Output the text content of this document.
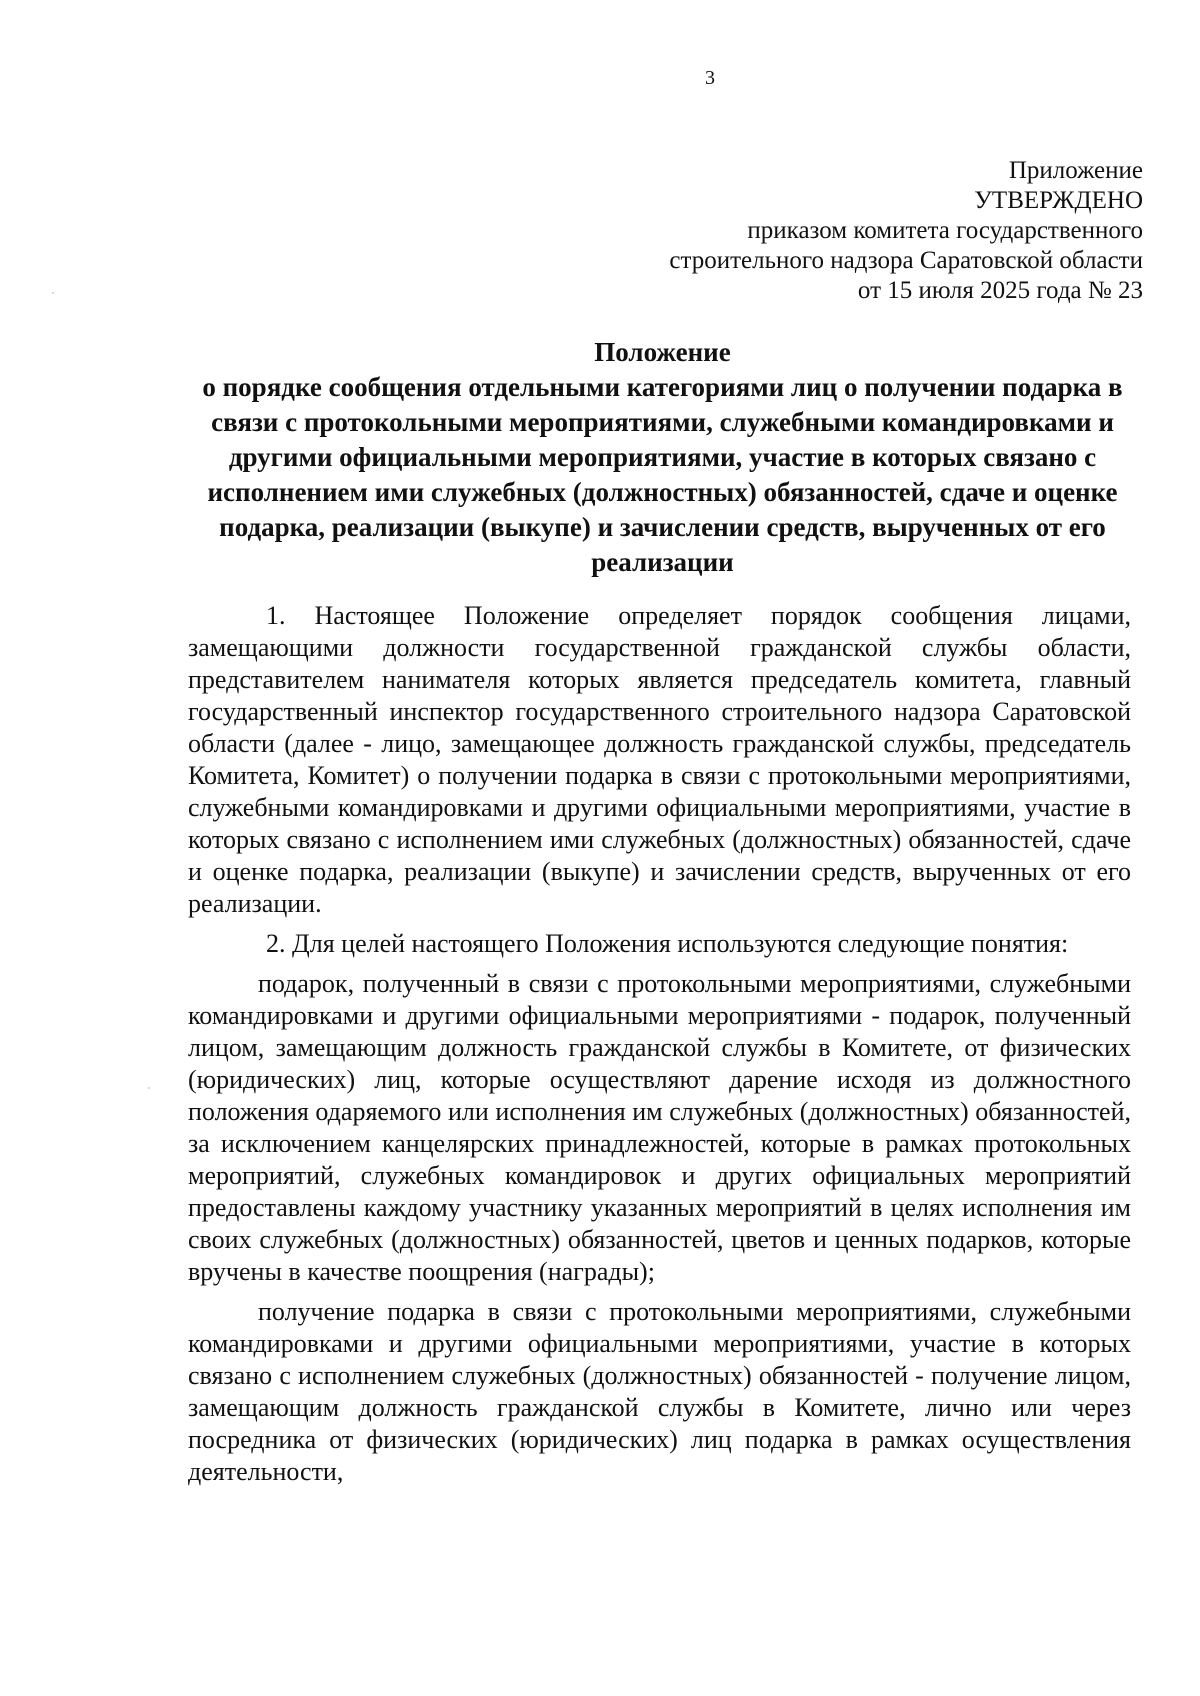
3
Приложение
УТВЕРЖДЕНО
приказом комитета государственного
строительного надзора Саратовской области
от 15 июля 2025 года № 23
Положение
о порядке сообщения отдельными категориями лиц о получении подарка в связи с протокольными мероприятиями, служебными командировками и другими официальными мероприятиями, участие в которых связано с исполнением ими служебных (должностных) обязанностей, сдаче и оценке подарка, реализации (выкупе) и зачислении средств, вырученных от его реализации

1. Настоящее Положение определяет порядок сообщения лицами, замещающими должности государственной гражданской службы области, представителем нанимателя которых является председатель комитета, главный государственный инспектор государственного строительного надзора Саратовской области (далее - лицо, замещающее должность гражданской службы, председатель Комитета, Комитет) о получении подарка в связи с протокольными мероприятиями, служебными командировками и другими официальными мероприятиями, участие в которых связано с исполнением ими служебных (должностных) обязанностей, сдаче и оценке подарка, реализации (выкупе) и зачислении средств, вырученных от его реализации.

2. Для целей настоящего Положения используются следующие понятия:

подарок, полученный в связи с протокольными мероприятиями, служебными командировками и другими официальными мероприятиями - подарок, полученный лицом, замещающим должность гражданской службы в Комитете, от физических (юридических) лиц, которые осуществляют дарение исходя из должностного положения одаряемого или исполнения им служебных (должностных) обязанностей, за исключением канцелярских принадлежностей, которые в рамках протокольных мероприятий, служебных командировок и других официальных мероприятий предоставлены каждому участнику указанных мероприятий в целях исполнения им своих служебных (должностных) обязанностей, цветов и ценных подарков, которые вручены в качестве поощрения (награды);

получение подарка в связи с протокольными мероприятиями, служебными командировками и другими официальными мероприятиями, участие в которых связано с исполнением служебных (должностных) обязанностей - получение лицом, замещающим должность гражданской службы в Комитете, лично или через посредника от физических (юридических) лиц подарка в рамках осуществления деятельности,
